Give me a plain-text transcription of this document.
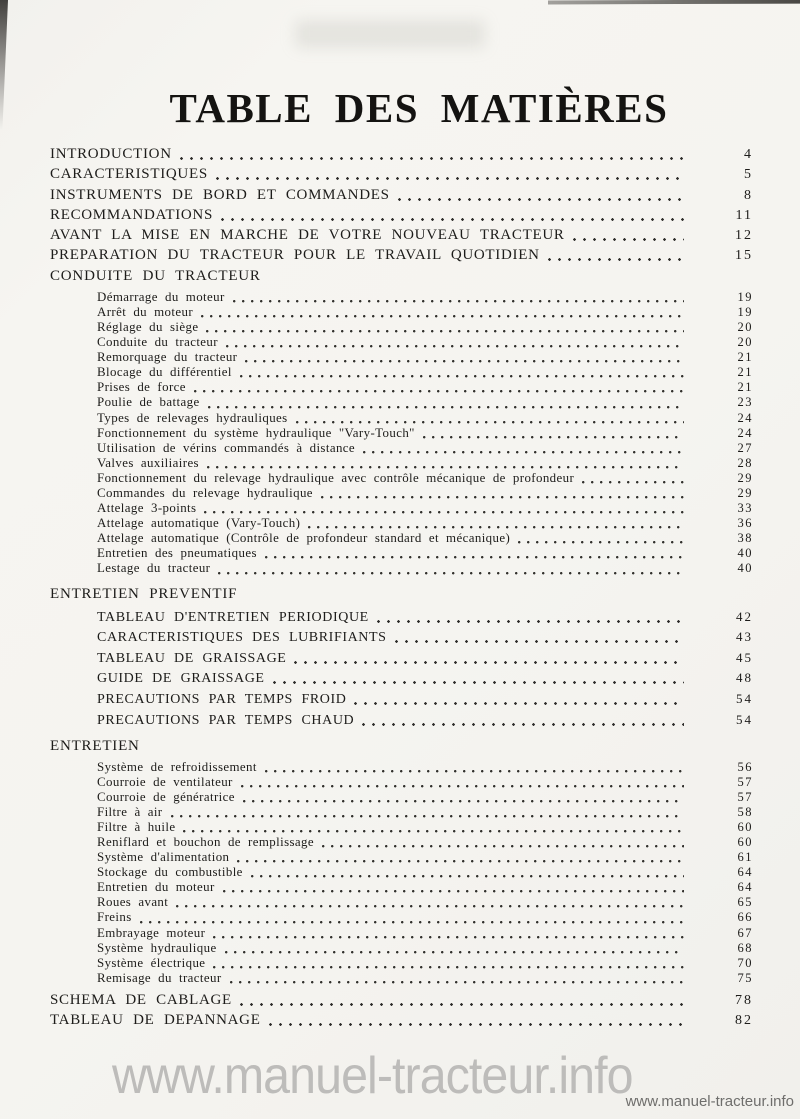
TABLE DES MATIÈRES
INTRODUCTION	4
CARACTERISTIQUES	5
INSTRUMENTS DE BORD ET COMMANDES	8
RECOMMANDATIONS	11
AVANT LA MISE EN MARCHE DE VOTRE NOUVEAU TRACTEUR	12
PREPARATION DU TRACTEUR POUR LE TRAVAIL QUOTIDIEN	15
CONDUITE DU TRACTEUR
Démarrage du moteur	19
Arrêt du moteur	19
Réglage du siège	20
Conduite du tracteur	20
Remorquage du tracteur	21
Blocage du différentiel	21
Prises de force	21
Poulie de battage	23
Types de relevages hydrauliques	24
Fonctionnement du système hydraulique "Vary-Touch"	24
Utilisation de vérins commandés à distance	27
Valves auxiliaires	28
Fonctionnement du relevage hydraulique avec contrôle mécanique de profondeur	29
Commandes du relevage hydraulique	29
Attelage 3-points	33
Attelage automatique (Vary-Touch)	36
Attelage automatique (Contrôle de profondeur standard et mécanique)	38
Entretien des pneumatiques	40
Lestage du tracteur	40
ENTRETIEN PREVENTIF
TABLEAU D'ENTRETIEN PERIODIQUE	42
CARACTERISTIQUES DES LUBRIFIANTS	43
TABLEAU DE GRAISSAGE	45
GUIDE DE GRAISSAGE	48
PRECAUTIONS PAR TEMPS FROID	54
PRECAUTIONS PAR TEMPS CHAUD	54
ENTRETIEN
Système de refroidissement	56
Courroie de ventilateur	57
Courroie de génératrice	57
Filtre à air	58
Filtre à huile	60
Reniflard et bouchon de remplissage	60
Système d'alimentation	61
Stockage du combustible	64
Entretien du moteur	64
Roues avant	65
Freins	66
Embrayage moteur	67
Système hydraulique	68
Système électrique	70
Remisage du tracteur	75
SCHEMA DE CABLAGE	78
TABLEAU DE DEPANNAGE	82
www.manuel-tracteur.info
www.manuel-tracteur.info
